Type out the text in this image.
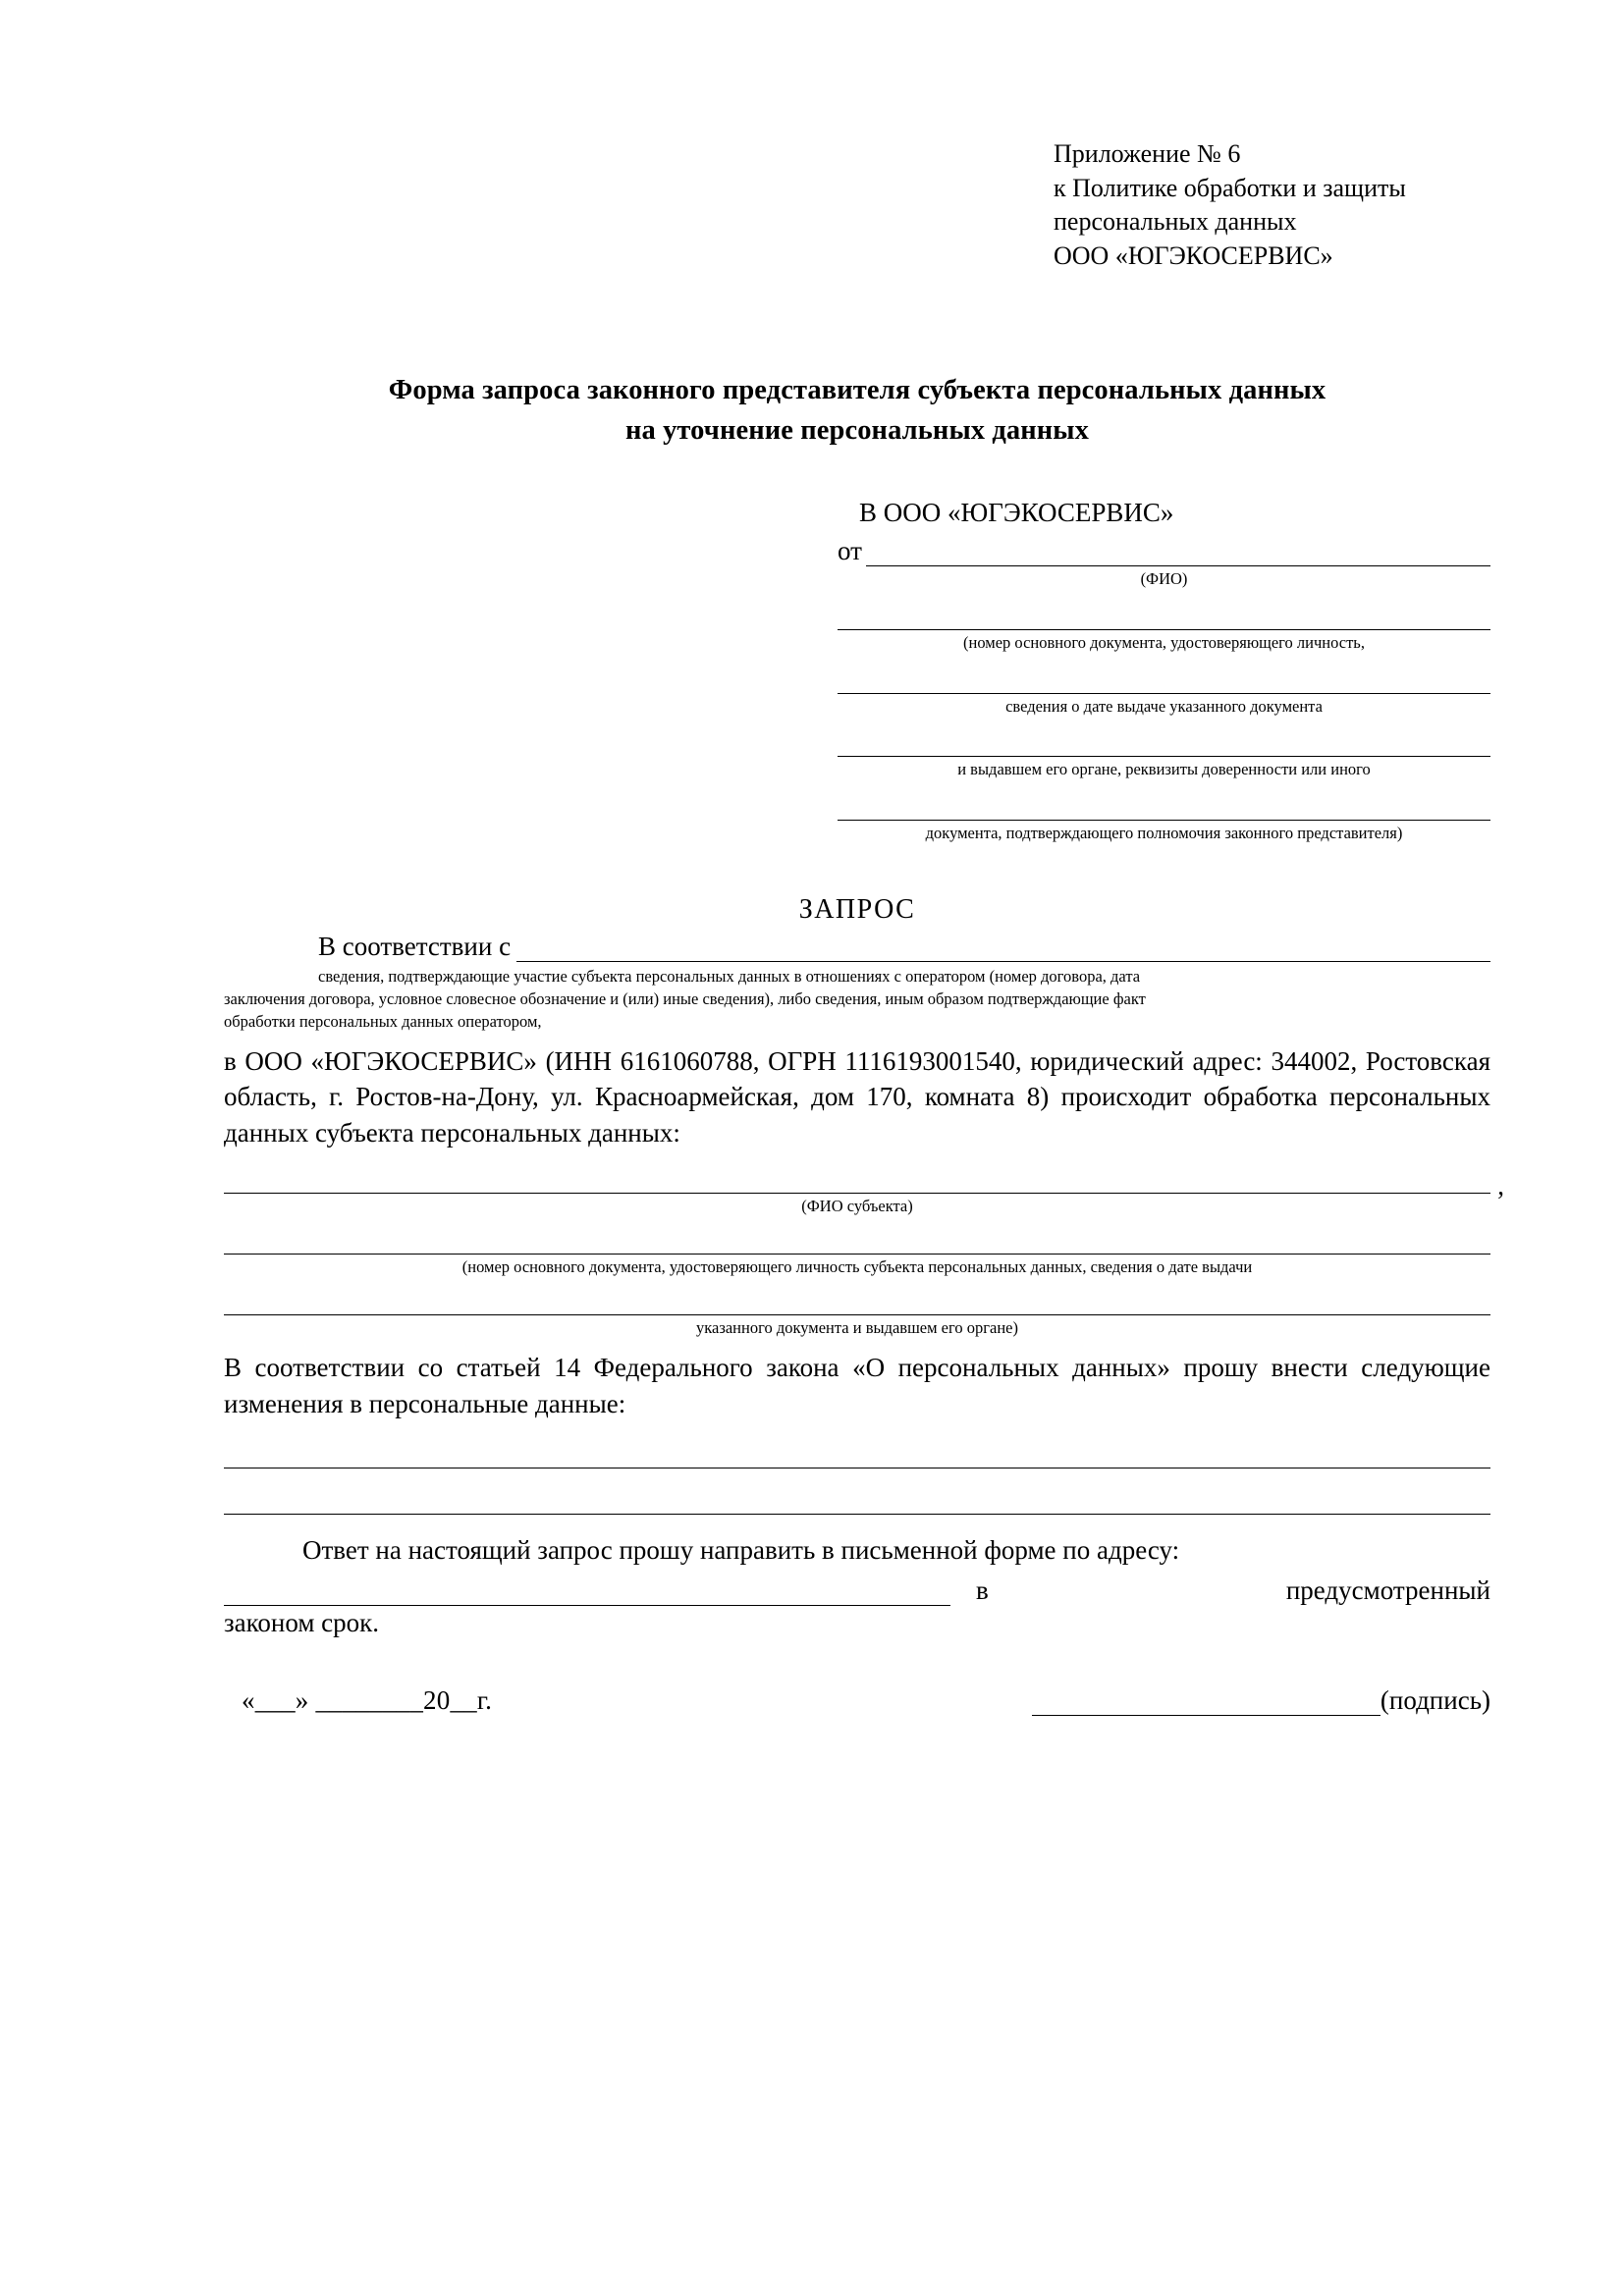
Приложение № 6
к Политике обработки и защиты
персональных данных
ООО «ЮГЭКОСЕРВИС»
Форма запроса законного представителя субъекта персональных данных
на уточнение персональных данных
В ООО «ЮГЭКОСЕРВИС»
от
(ФИО)
(номер основного документа, удостоверяющего личность,
сведения о дате выдаче указанного документа
и выдавшем его органе, реквизиты доверенности или иного
документа, подтверждающего полномочия законного представителя)
ЗАПРОС
В соответствии с

сведения, подтверждающие участие субъекта персональных данных в отношениях с оператором (номер договора, дата

заключения договора, условное словесное обозначение и (или) иные сведения), либо сведения, иным образом подтверждающие факт

обработки персональных данных оператором,

в ООО «ЮГЭКОСЕРВИС» (ИНН 6161060788, ОГРН 1116193001540, юридический адрес: 344002, Ростовская область, г. Ростов-на-Дону, ул. Красноармейская, дом 170, комната 8) происходит обработка персональных данных субъекта персональных данных:
,
(ФИО субъекта)
(номер основного документа, удостоверяющего личность субъекта персональных данных, сведения о дате выдачи
указанного документа и выдавшем его органе)
В соответствии со статьей 14 Федерального закона «О персональных данных» прошу внести следующие изменения в персональные данные:
Ответ на настоящий запрос прошу направить в письменной форме по адресу:
в	предусмотренный
законом срок.
«___» ________20__г.	(подпись)
